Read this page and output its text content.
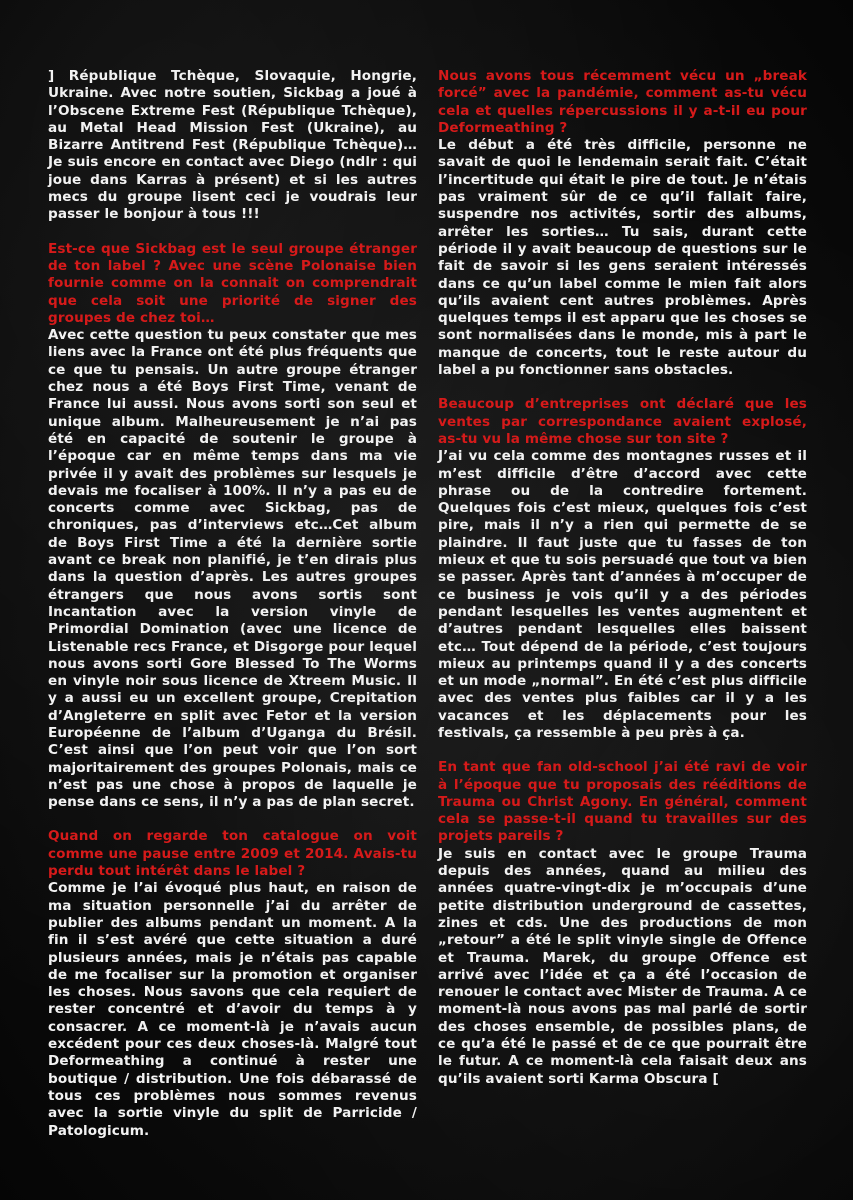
] République Tchèque, Slovaquie, Hongrie, Ukraine. Avec notre soutien, Sickbag a joué à l’Obscene Extreme Fest (République Tchèque), au Metal Head Mission Fest (Ukraine), au Bizarre Antitrend Fest (République Tchèque)… Je suis encore en contact avec Diego (ndlr : qui joue dans Karras à présent) et si les autres mecs du groupe lisent ceci je voudrais leur passer le bonjour à tous !!!

Est-ce que Sickbag est le seul groupe étranger de ton label ? Avec une scène Polonaise bien fournie comme on la connait on comprendrait que cela soit une priorité de signer des groupes de chez toi…

Avec cette question tu peux constater que mes liens avec la France ont été plus fréquents que ce que tu pensais. Un autre groupe étranger chez nous a été Boys First Time, venant de France lui aussi. Nous avons sorti son seul et unique album. Malheureusement je n’ai pas été en capacité de soutenir le groupe à l’époque car en même temps dans ma vie privée il y avait des problèmes sur lesquels je devais me focaliser à 100%. Il n’y a pas eu de concerts comme avec Sickbag, pas de chroniques, pas d’interviews etc…Cet album de Boys First Time a été la dernière sortie avant ce break non planifié, je t’en dirais plus dans la question d’après. Les autres groupes étrangers que nous avons sortis sont Incantation avec la version vinyle de Primordial Domination (avec une licence de Listenable recs France, et Disgorge pour lequel nous avons sorti Gore Blessed To The Worms en vinyle noir sous licence de Xtreem Music. Il y a aussi eu un excellent groupe, Crepitation d’Angleterre en split avec Fetor et la version Européenne de l’album d’Uganga du Brésil. C’est ainsi que l’on peut voir que l’on sort majoritairement des groupes Polonais, mais ce n’est pas une chose à propos de laquelle je pense dans ce sens, il n’y a pas de plan secret.

Quand on regarde ton catalogue on voit comme une pause entre 2009 et 2014. Avais-tu perdu tout intérêt dans le label ?

Comme je l’ai évoqué plus haut, en raison de ma situation personnelle j’ai du arrêter de publier des albums pendant un moment. A la fin il s’est avéré que cette situation a duré plusieurs années, mais je n’étais pas capable de me focaliser sur la promotion et organiser les choses. Nous savons que cela requiert de rester concentré et d’avoir du temps à y consacrer. A ce moment-là je n’avais aucun excédent pour ces deux choses-là. Malgré tout Deformeathing a continué à rester une boutique / distribution. Une fois débarassé de tous ces problèmes nous sommes revenus avec la sortie vinyle du split de Parricide / Patologicum.

Nous avons tous récemment vécu un „break forcé” avec la pandémie, comment as-tu vécu cela et quelles répercussions il y a-t-il eu pour Deformeathing ?

Le début a été très difficile, personne ne savait de quoi le lendemain serait fait. C’était l’incertitude qui était le pire de tout. Je n’étais pas vraiment sûr de ce qu’il fallait faire, suspendre nos activités, sortir des albums, arrêter les sorties… Tu sais, durant cette période il y avait beaucoup de questions sur le fait de savoir si les gens seraient intéressés dans ce qu’un label comme le mien fait alors qu’ils avaient cent autres problèmes. Après quelques temps il est apparu que les choses se sont normalisées dans le monde, mis à part le manque de concerts, tout le reste autour du label a pu fonctionner sans obstacles.

Beaucoup d’entreprises ont déclaré que les ventes par correspondance avaient explosé, as-tu vu la même chose sur ton site ?

J’ai vu cela comme des montagnes russes et il m’est difficile d’être d’accord avec cette phrase ou de la contredire fortement. Quelques fois c’est mieux, quelques fois c’est pire, mais il n’y a rien qui permette de se plaindre. Il faut juste que tu fasses de ton mieux et que tu sois persuadé que tout va bien se passer. Après tant d’années à m’occuper de ce business je vois qu’il y a des périodes pendant lesquelles les ventes augmentent et d’autres pendant lesquelles elles baissent etc… Tout dépend de la période, c’est toujours mieux au printemps quand il y a des concerts et un mode „normal”. En été c’est plus difficile avec des ventes plus faibles car il y a les vacances et les déplacements pour les festivals, ça ressemble à peu près à ça.

En tant que fan old-school j’ai été ravi de voir à l’époque que tu proposais des rééditions de Trauma ou Christ Agony. En général, comment cela se passe-t-il quand tu travailles sur des projets pareils ?

Je suis en contact avec le groupe Trauma depuis des années, quand au milieu des années quatre-vingt-dix je m’occupais d’une petite distribution underground de cassettes, zines et cds. Une des productions de mon „retour” a été le split vinyle single de Offence et Trauma. Marek, du groupe Offence est arrivé avec l’idée et ça a été l’occasion de renouer le contact avec Mister de Trauma. A ce moment-là nous avons pas mal parlé de sortir des choses ensemble, de possibles plans, de ce qu’a été le passé et de ce que pourrait être le futur. A ce moment-là cela faisait deux ans qu’ils avaient sorti Karma Obscura [
